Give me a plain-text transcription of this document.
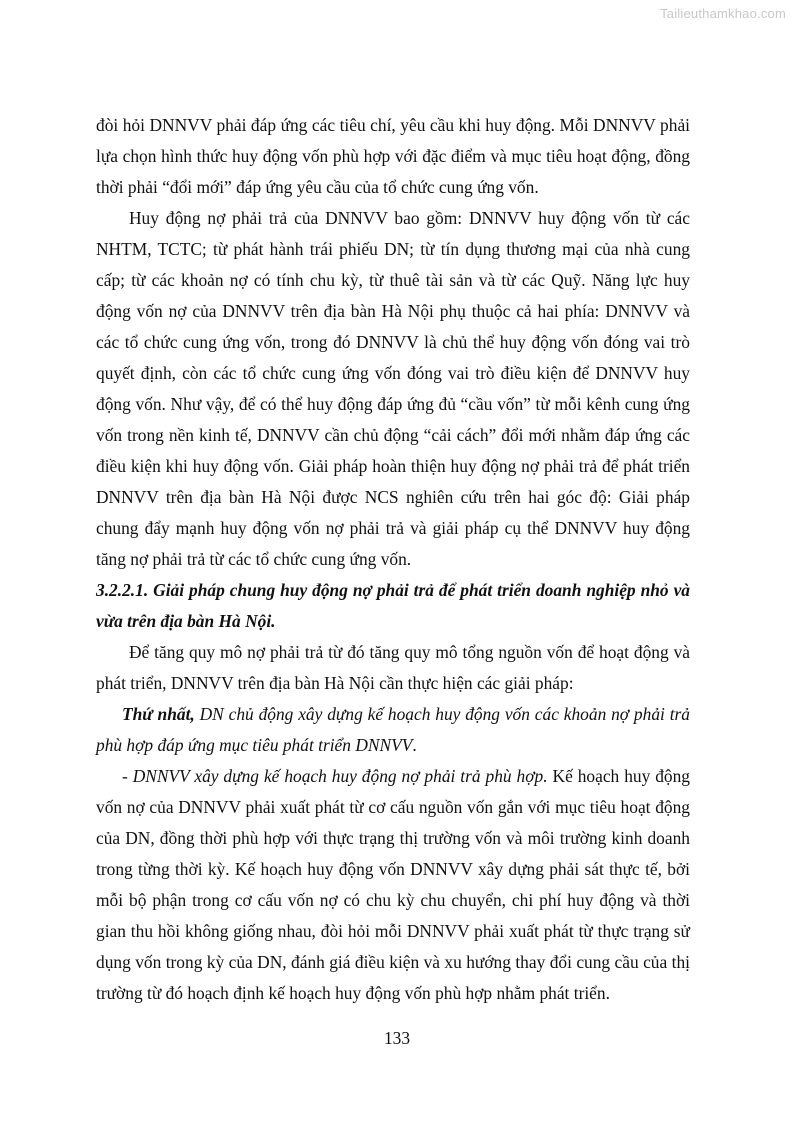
Tailieuthamkhao.com

đòi hỏi DNNVV phải đáp ứng các tiêu chí, yêu cầu khi huy động. Mỗi DNNVV phải lựa chọn hình thức huy động vốn phù hợp với đặc điểm và mục tiêu hoạt động, đồng thời phải “đổi mới” đáp ứng yêu cầu của tổ chức cung ứng vốn.

Huy động nợ phải trả của DNNVV bao gồm: DNNVV huy động vốn từ các NHTM, TCTC; từ phát hành trái phiếu DN; từ tín dụng thương mại của nhà cung cấp; từ các khoản nợ có tính chu kỳ, từ thuê tài sản và từ các Quỹ. Năng lực huy động vốn nợ của DNNVV trên địa bàn Hà Nội phụ thuộc cả hai phía: DNNVV và các tổ chức cung ứng vốn, trong đó DNNVV là chủ thể huy động vốn đóng vai trò quyết định, còn các tổ chức cung ứng vốn đóng vai trò điều kiện để DNNVV huy động vốn. Như vậy, để có thể huy động đáp ứng đủ “cầu vốn” từ mỗi kênh cung ứng vốn trong nền kinh tế, DNNVV cần chủ động “cải cách” đổi mới nhằm đáp ứng các điều kiện khi huy động vốn. Giải pháp hoàn thiện huy động nợ phải trả để phát triển DNNVV trên địa bàn Hà Nội được NCS nghiên cứu trên hai góc độ: Giải pháp chung đẩy mạnh huy động vốn nợ phải trả và giải pháp cụ thể DNNVV huy động tăng nợ phải trả từ các tổ chức cung ứng vốn.

3.2.2.1. Giải pháp chung huy động nợ phải trả để phát triển doanh nghiệp nhỏ và vừa trên địa bàn Hà Nội.

Để tăng quy mô nợ phải trả từ đó tăng quy mô tổng nguồn vốn để hoạt động và phát triển, DNNVV trên địa bàn Hà Nội cần thực hiện các giải pháp:

Thứ nhất, DN chủ động xây dựng kế hoạch huy động vốn các khoản nợ phải trả phù hợp đáp ứng mục tiêu phát triển DNNVV.

- DNNVV xây dựng kế hoạch huy động nợ phải trả phù hợp. Kế hoạch huy động vốn nợ của DNNVV phải xuất phát từ cơ cấu nguồn vốn gắn với mục tiêu hoạt động của DN, đồng thời phù hợp với thực trạng thị trường vốn và môi trường kinh doanh trong từng thời kỳ. Kế hoạch huy động vốn DNNVV xây dựng phải sát thực tế, bởi mỗi bộ phận trong cơ cấu vốn nợ có chu kỳ chu chuyển, chi phí huy động và thời gian thu hồi không giống nhau, đòi hỏi mỗi DNNVV phải xuất phát từ thực trạng sử dụng vốn trong kỳ của DN, đánh giá điều kiện và xu hướng thay đổi cung cầu của thị trường từ đó hoạch định kế hoạch huy động vốn phù hợp nhằm phát triển.

133
